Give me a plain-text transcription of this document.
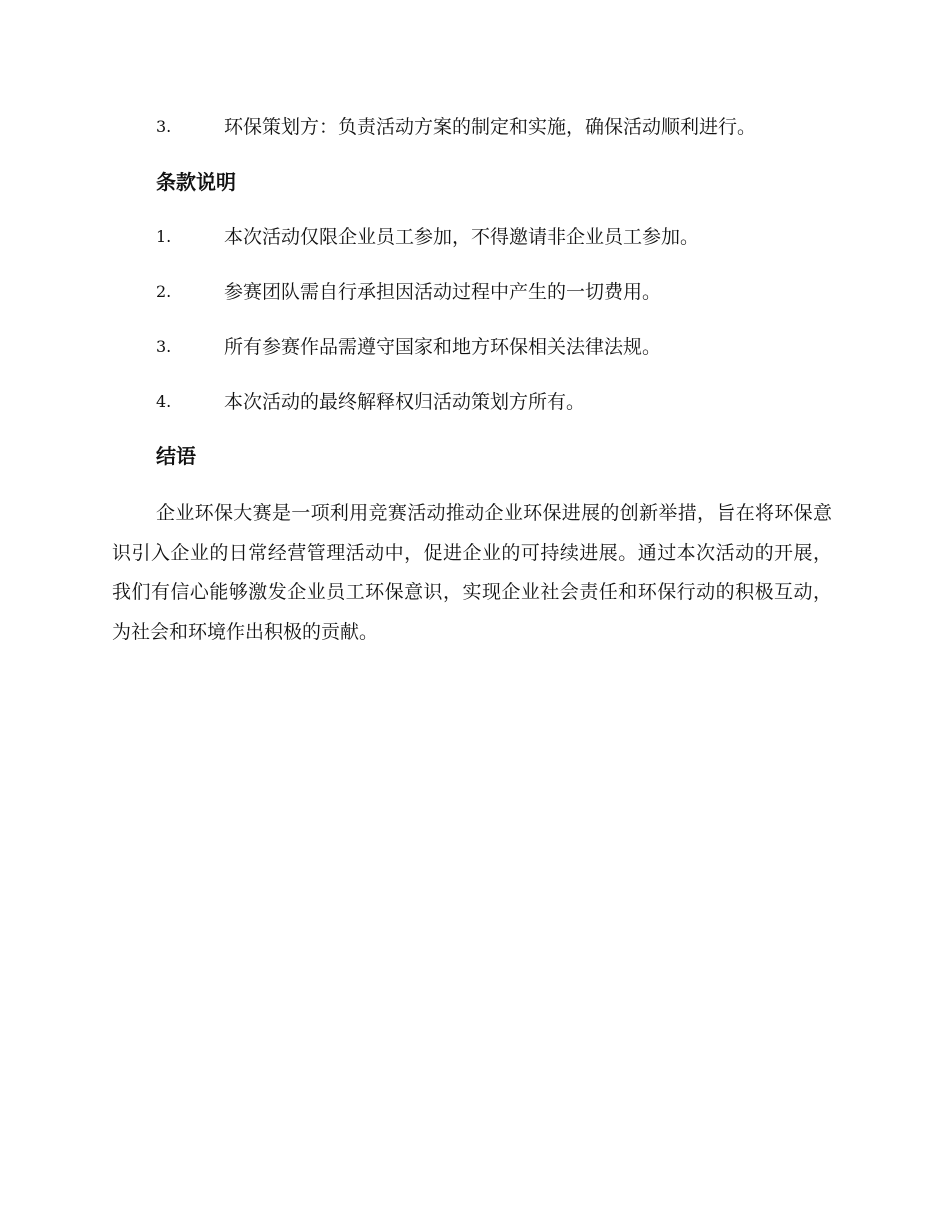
3.	环保策划方：负责活动方案的制定和实施，确保活动顺利进行。
条款说明
1.	本次活动仅限企业员工参加，不得邀请非企业员工参加。
2.	参赛团队需自行承担因活动过程中产生的一切费用。
3.	所有参赛作品需遵守国家和地方环保相关法律法规。
4.	本次活动的最终解释权归活动策划方所有。
结语

企业环保大赛是一项利用竞赛活动推动企业环保进展的创新举措，旨在将环保意识引入企业的日常经营管理活动中，促进企业的可持续进展。通过本次活动的开展，我们有信心能够激发企业员工环保意识，实现企业社会责任和环保行动的积极互动，为社会和环境作出积极的贡献。
